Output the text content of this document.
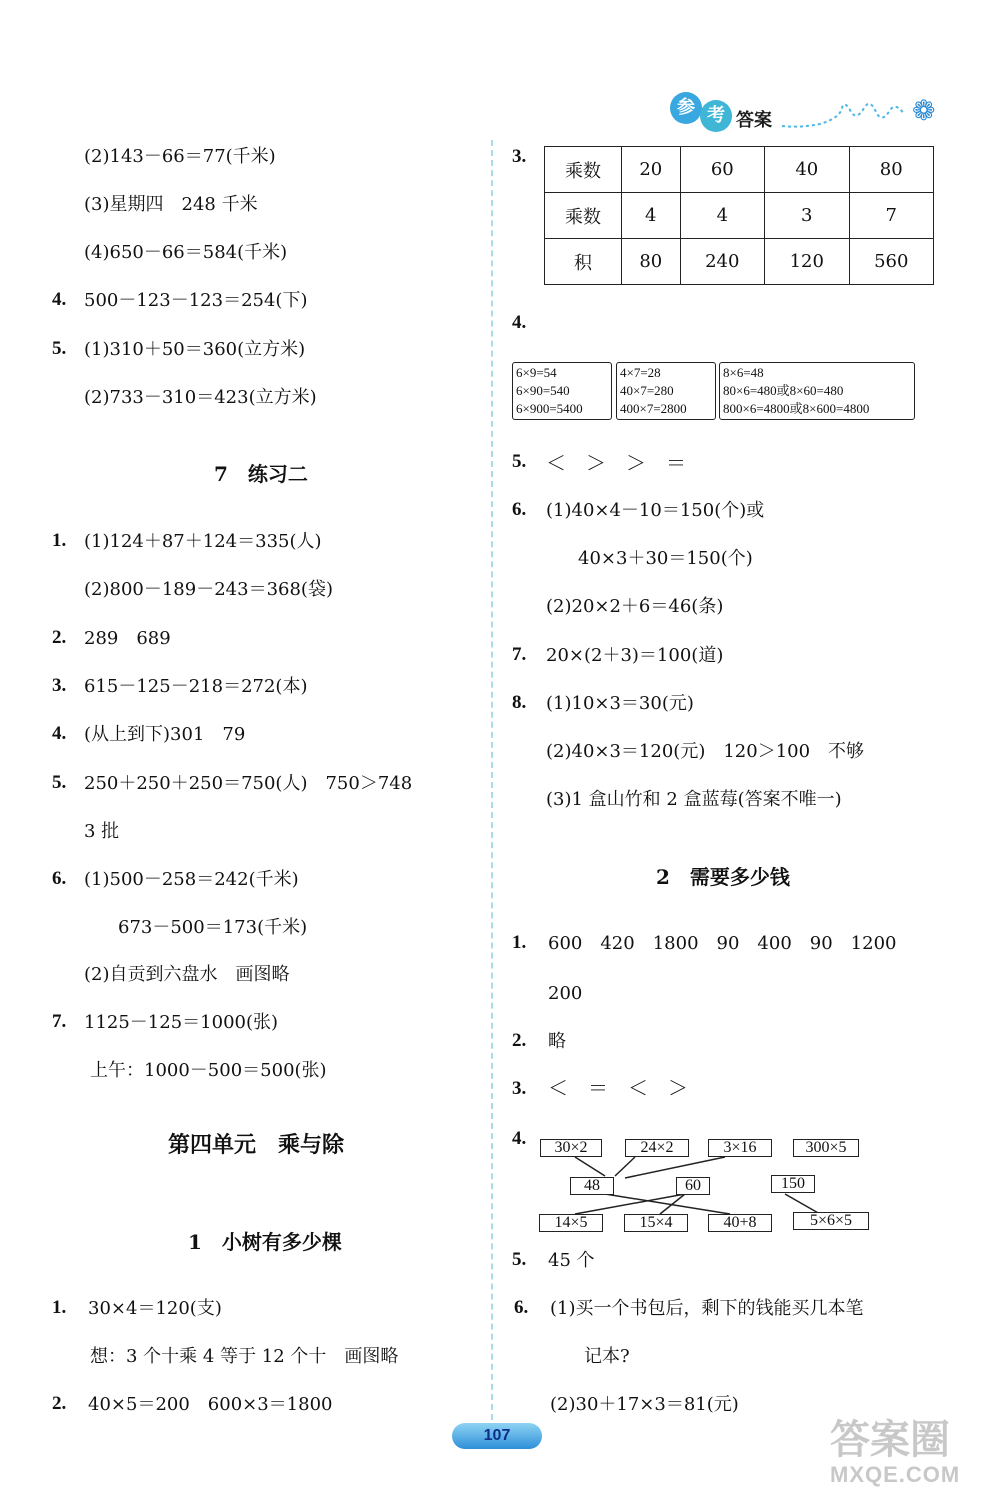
参 考 答案	❁
(2)143－66＝77(千米)
(3)星期四　248 千米
(4)650－66＝584(千米)
4. 500－123－123＝254(下)
5. (1)310＋50＝360(立方米)
(2)733－310＝423(立方米)
7　练习二
1. (1)124＋87＋124＝335(人)
(2)800－189－243＝368(袋)
2. 289　689
3. 615－125－218＝272(本)
4. (从上到下)301　79
5. 250＋250＋250＝750(人)　750＞748
3 批
6. (1)500－258＝242(千米)
673－500＝173(千米)
(2)自贡到六盘水　画图略
7. 1125－125＝1000(张)
上午：1000－500＝500(张)
第四单元　乘与除
1　小树有多少棵
1. 30×4＝120(支)
想：3 个十乘 4 等于 12 个十　画图略
2. 40×5＝200　600×3＝1800
3.
乘数	20	60	40	80
乘数	4	4	3	7
积	80	240	120	560
4.
6×9=54
6×90=540
6×900=5400
4×7=28
40×7=280
400×7=2800
8×6=48
80×6=480或8×60=480
800×6=4800或8×600=4800
5. ＜　＞　＞　＝
6. (1)40×4－10＝150(个)或
40×3＋30＝150(个)
(2)20×2＋6＝46(条)
7. 20×(2＋3)＝100(道)
8. (1)10×3＝30(元)
(2)40×3＝120(元)　120＞100　不够
(3)1 盒山竹和 2 盒蓝莓(答案不唯一)
2　需要多少钱
1. 600　420　1800　90　400　90　1200
200
2. 略
3. ＜　＝　＜　＞
4.	30×2	24×2	3×16	300×5
48	60	150
14×5	15×4	40+8	5×6×5
5. 45 个
6. (1)买一个书包后，剩下的钱能买几本笔
记本?
(2)30＋17×3＝81(元)
107	答案圈
MXQE.COM
